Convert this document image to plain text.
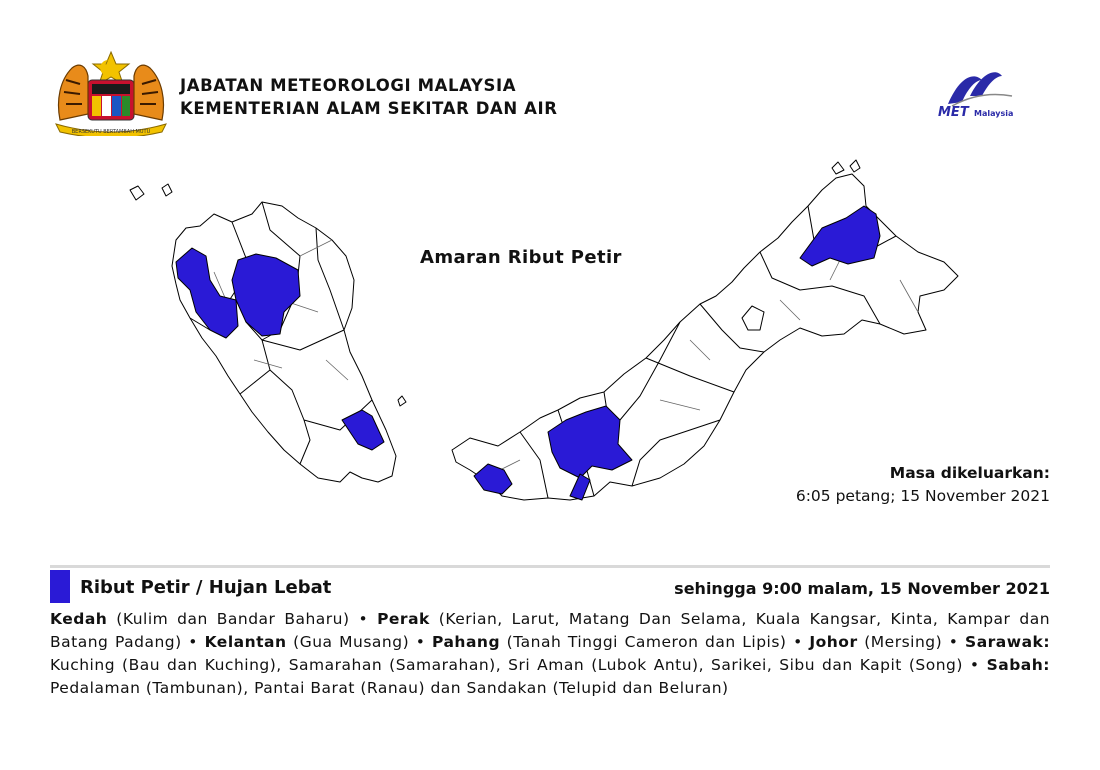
BERSEKUTU BERTAMBAH MUTU
JABATAN METEOROLOGI MALAYSIA
KEMENTERIAN ALAM SEKITAR DAN AIR	MET Malaysia
Amaran Ribut Petir
Masa dikeluarkan:
6:05 petang; 15 November 2021
Ribut Petir / Hujan Lebat	sehingga 9:00 malam, 15 November 2021
Kedah (Kulim dan Bandar Baharu) • Perak (Kerian, Larut, Matang Dan Selama, Kuala Kangsar, Kinta, Kampar dan Batang Padang) • Kelantan (Gua Musang) • Pahang (Tanah Tinggi Cameron dan Lipis) • Johor (Mersing) • Sarawak: Kuching (Bau dan Kuching), Samarahan (Samarahan), Sri Aman (Lubok Antu), Sarikei, Sibu dan Kapit (Song) • Sabah: Pedalaman (Tambunan), Pantai Barat (Ranau) dan Sandakan (Telupid dan Beluran)
